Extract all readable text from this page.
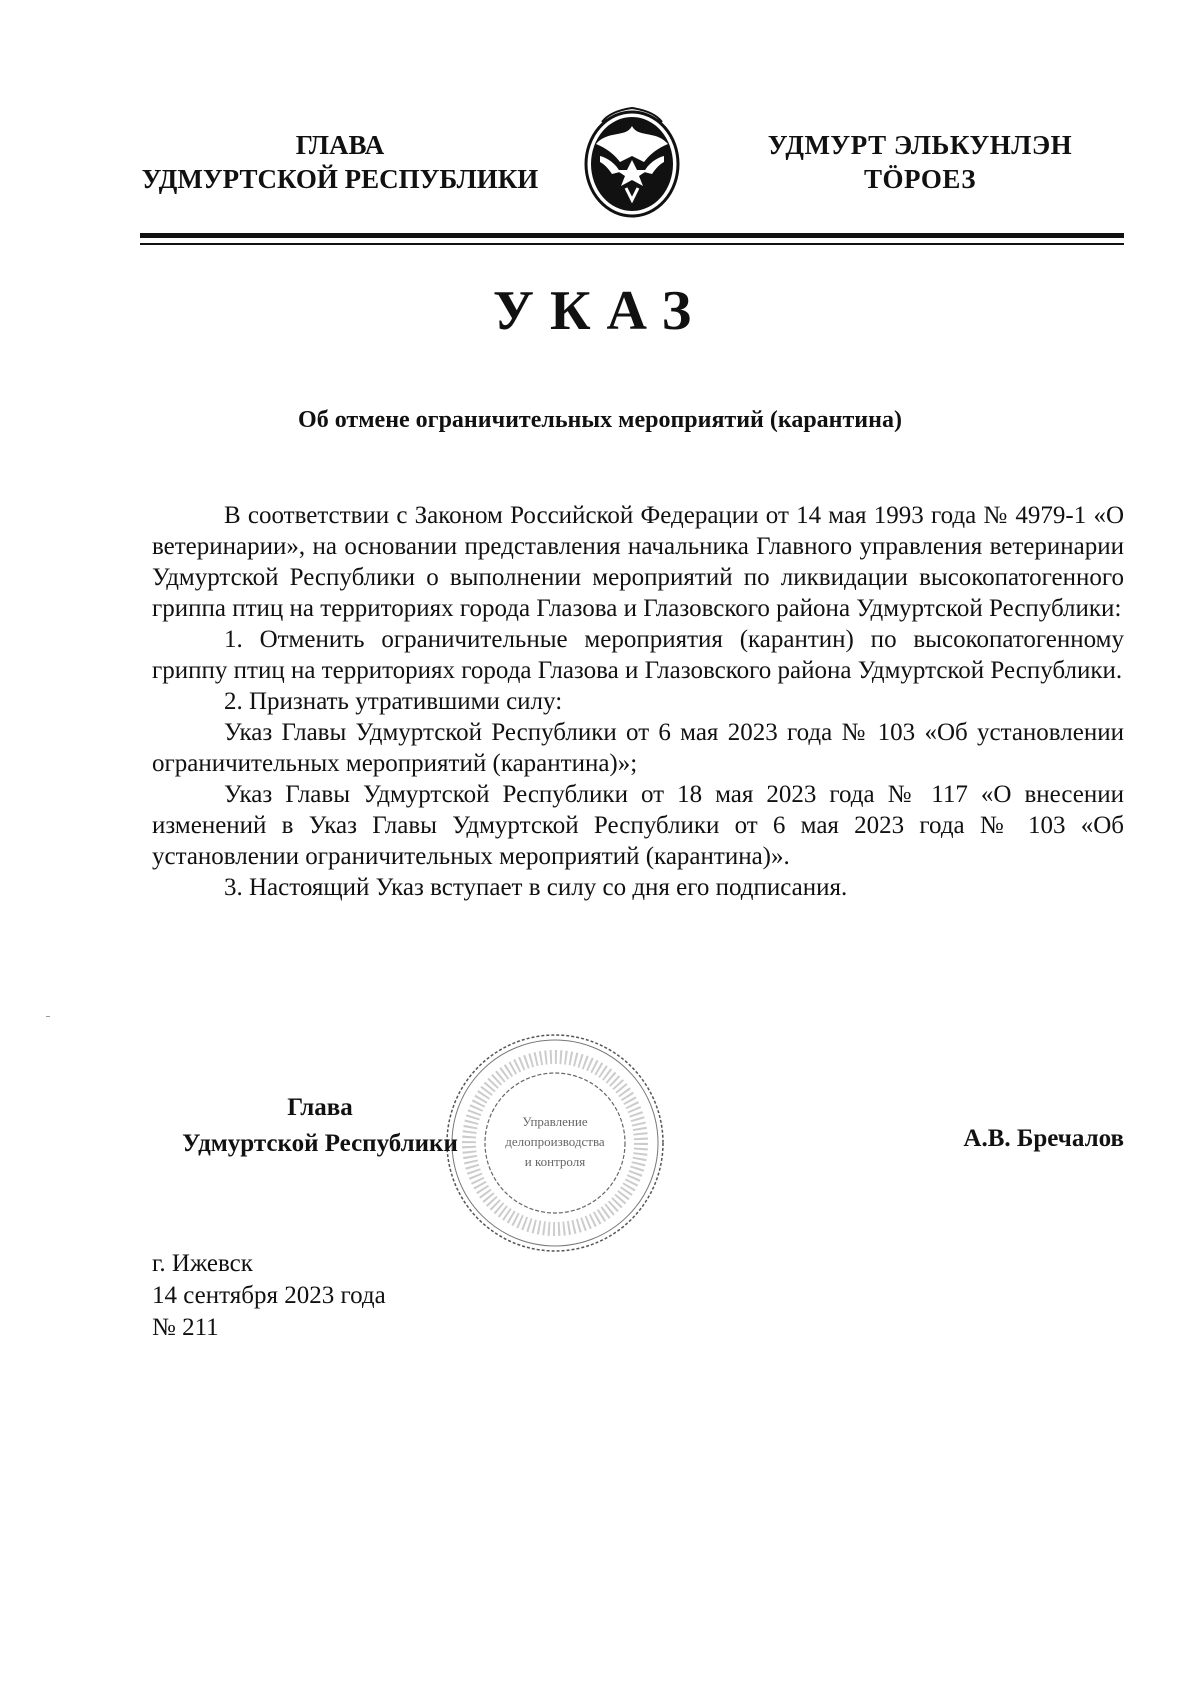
ГЛАВА
УДМУРТСКОЙ РЕСПУБЛИКИ
УДМУРТ ЭЛЬКУНЛЭН
ТӦРОЕЗ
УКАЗ
Об отмене ограничительных мероприятий (карантина)

В соответствии с Законом Российской Федерации от 14 мая 1993 года № 4979-1 «О ветеринарии», на основании представления начальника Главного управления ветеринарии Удмуртской Республики о выполнении мероприятий по ликвидации высокопатогенного гриппа птиц на территориях города Глазова и Глазовского района Удмуртской Республики:

1. Отменить ограничительные мероприятия (карантин) по высокопатогенному гриппу птиц на территориях города Глазова и Глазовского района Удмуртской Республики.

2. Признать утратившими силу:

Указ Главы Удмуртской Республики от 6 мая 2023 года № 103 «Об установлении ограничительных мероприятий (карантина)»;

Указ Главы Удмуртской Республики от 18 мая 2023 года № 117 «О внесении изменений в Указ Главы Удмуртской Республики от 6 мая 2023 года № 103 «Об установлении ограничительных мероприятий (карантина)».

3. Настоящий Указ вступает в силу со дня его подписания.

Управление
делопроизводства
и контроля
Глава
Удмуртской Республики	А.В. Бречалов
г. Ижевск
14 сентября 2023 года
№ 211
